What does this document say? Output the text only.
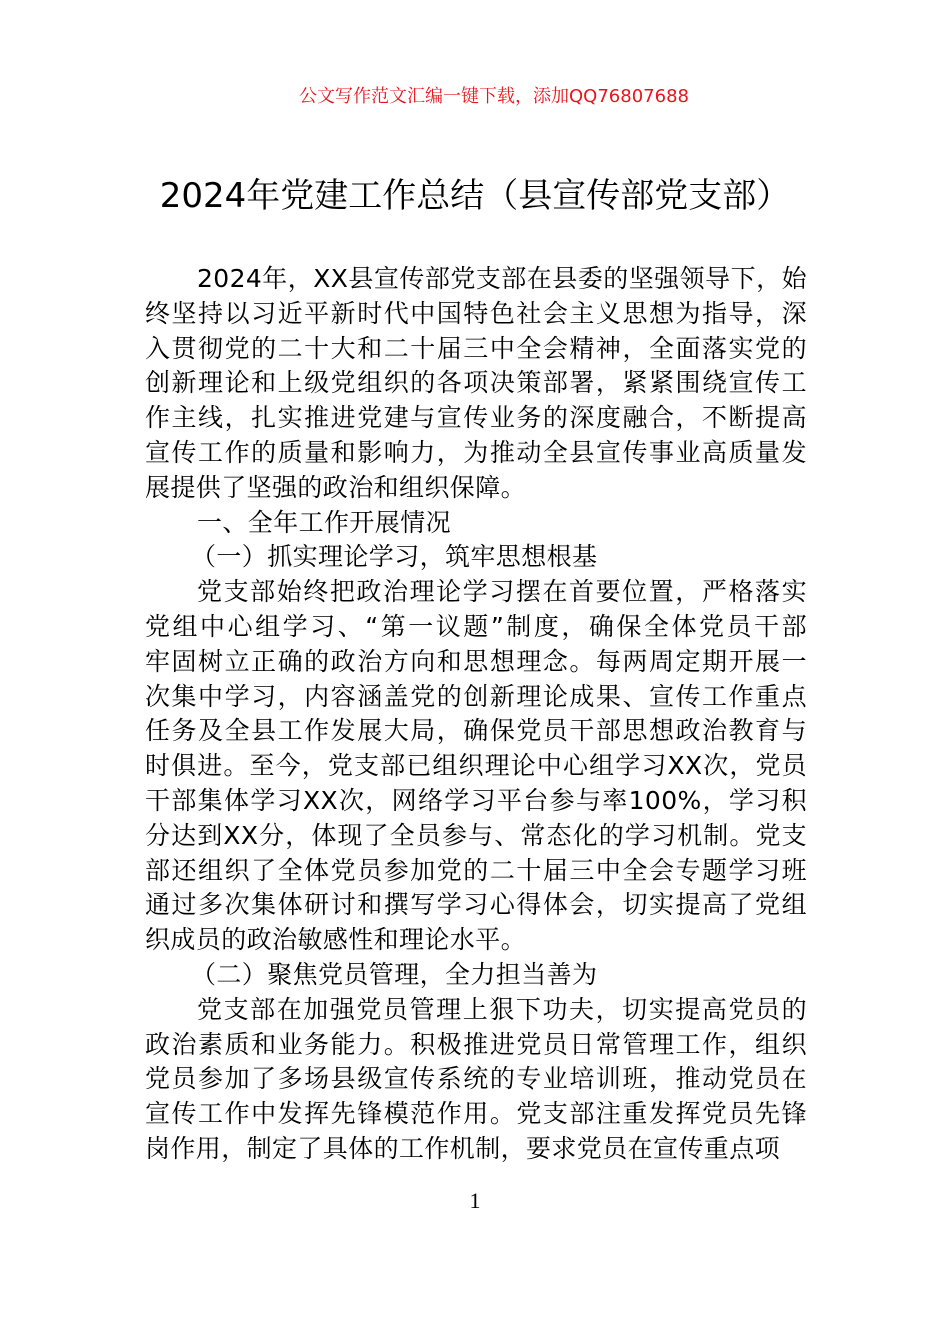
公文写作范文汇编一键下载，添加QQ76807688
2024年党建工作总结（县宣传部党支部）
2024年，XX县宣传部党支部在县委的坚强领导下，始
终坚持以习近平新时代中国特色社会主义思想为指导，深
入贯彻党的二十大和二十届三中全会精神，全面落实党的
创新理论和上级党组织的各项决策部署，紧紧围绕宣传工
作主线，扎实推进党建与宣传业务的深度融合，不断提高
宣传工作的质量和影响力，为推动全县宣传事业高质量发
展提供了坚强的政治和组织保障。
一、全年工作开展情况
（一）抓实理论学习，筑牢思想根基
党支部始终把政治理论学习摆在首要位置，严格落实
党组中心组学习、“第一议题”制度，确保全体党员干部
牢固树立正确的政治方向和思想理念。每两周定期开展一
次集中学习，内容涵盖党的创新理论成果、宣传工作重点
任务及全县工作发展大局，确保党员干部思想政治教育与
时俱进。至今，党支部已组织理论中心组学习XX次，党员
干部集体学习XX次，网络学习平台参与率100%，学习积
分达到XX分，体现了全员参与、常态化的学习机制。党支
部还组织了全体党员参加党的二十届三中全会专题学习班
通过多次集体研讨和撰写学习心得体会，切实提高了党组
织成员的政治敏感性和理论水平。
（二）聚焦党员管理，全力担当善为
党支部在加强党员管理上狠下功夫，切实提高党员的
政治素质和业务能力。积极推进党员日常管理工作，组织
党员参加了多场县级宣传系统的专业培训班，推动党员在
宣传工作中发挥先锋模范作用。党支部注重发挥党员先锋
岗作用，制定了具体的工作机制，要求党员在宣传重点项
1
